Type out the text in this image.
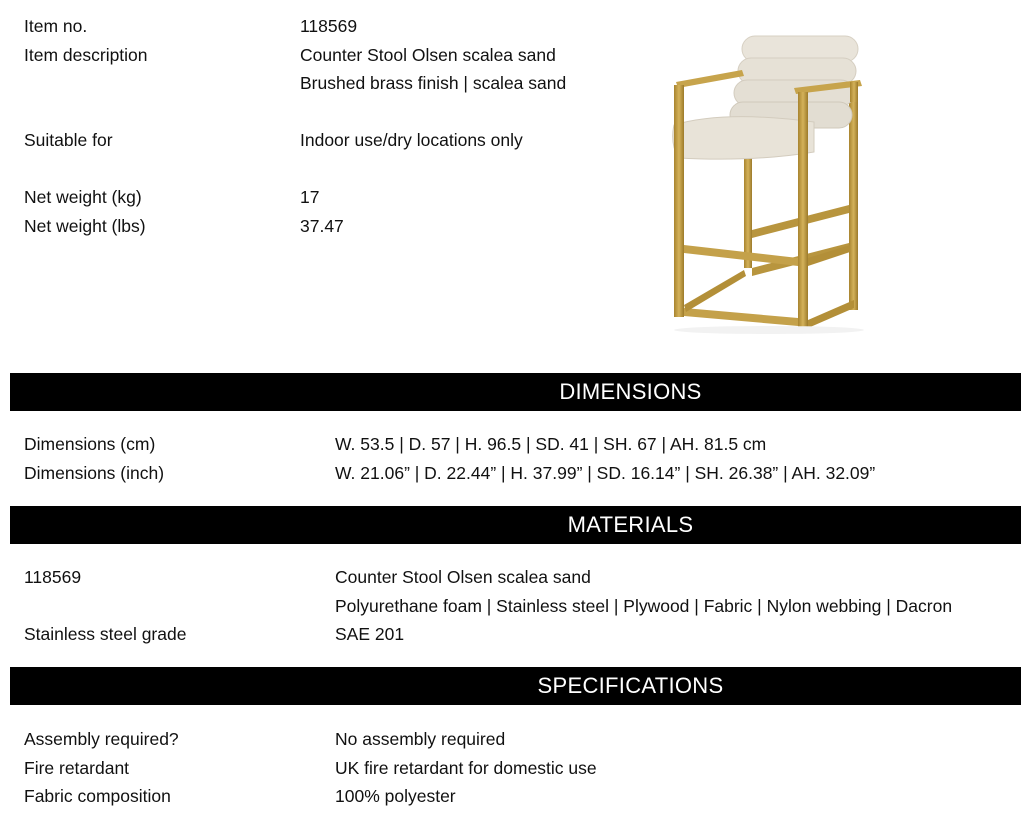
Item no.	118569
Item description	Counter Stool Olsen scalea sand
Brushed brass finish | scalea sand
Suitable for	Indoor use/dry locations only
Net weight (kg)	17
Net weight (lbs)	37.47
DIMENSIONS
Dimensions (cm)	W. 53.5 | D. 57 | H. 96.5 | SD. 41 | SH. 67 | AH. 81.5 cm
Dimensions (inch)	W. 21.06” | D. 22.44” | H. 37.99” | SD. 16.14” | SH. 26.38” | AH. 32.09”
MATERIALS
118569	Counter Stool Olsen scalea sand
Polyurethane foam | Stainless steel | Plywood | Fabric | Nylon webbing | Dacron
Stainless steel grade	SAE 201
SPECIFICATIONS
Assembly required?	No assembly required
Fire retardant	UK fire retardant for domestic use
Fabric composition	100% polyester
